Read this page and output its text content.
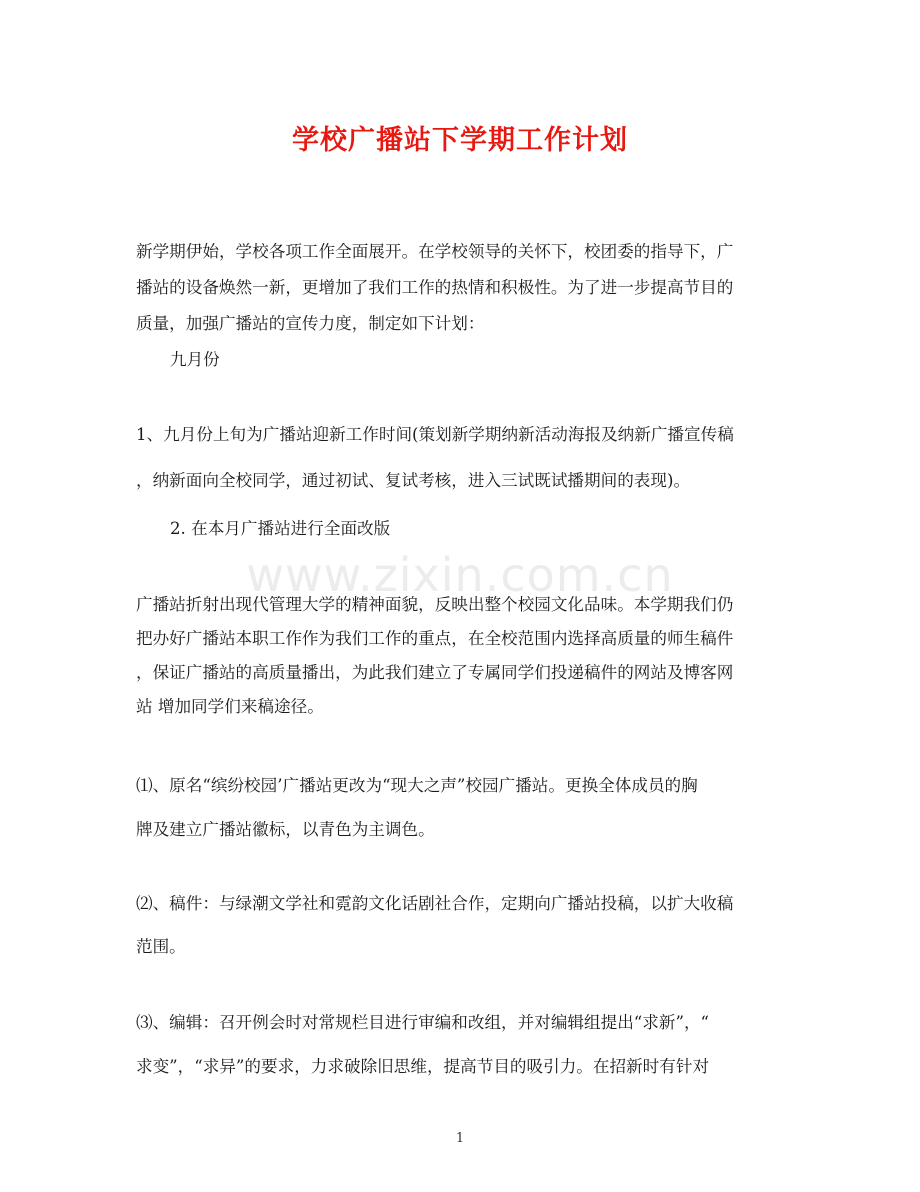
学校广播站下学期工作计划
www.zixin.com.cn
新学期伊始，学校各项工作全面展开。在学校领导的关怀下，校团委的指导下，广
播站的设备焕然一新，更增加了我们工作的热情和积极性。为了进一步提高节目的
质量，加强广播站的宣传力度，制定如下计划：
九月份
1、九月份上旬为广播站迎新工作时间(策划新学期纳新活动海报及纳新广播宣传稿
，纳新面向全校同学，通过初试、复试考核，进入三试既试播期间的表现)。
2. 在本月广播站进行全面改版
广播站折射出现代管理大学的精神面貌，反映出整个校园文化品味。本学期我们仍
把办好广播站本职工作作为我们工作的重点，在全校范围内选择高质量的师生稿件
，保证广播站的高质量播出，为此我们建立了专属同学们投递稿件的网站及博客网
站 增加同学们来稿途径。
⑴、原名“缤纷校园’广播站更改为“现大之声”校园广播站。更换全体成员的胸
牌及建立广播站徽标，以青色为主调色。
⑵、稿件：与绿潮文学社和霓韵文化话剧社合作，定期向广播站投稿，以扩大收稿
范围。
⑶、编辑：召开例会时对常规栏目进行审编和改组，并对编辑组提出“求新”，“
求变”，“求异”的要求，力求破除旧思维，提高节目的吸引力。在招新时有针对
1
